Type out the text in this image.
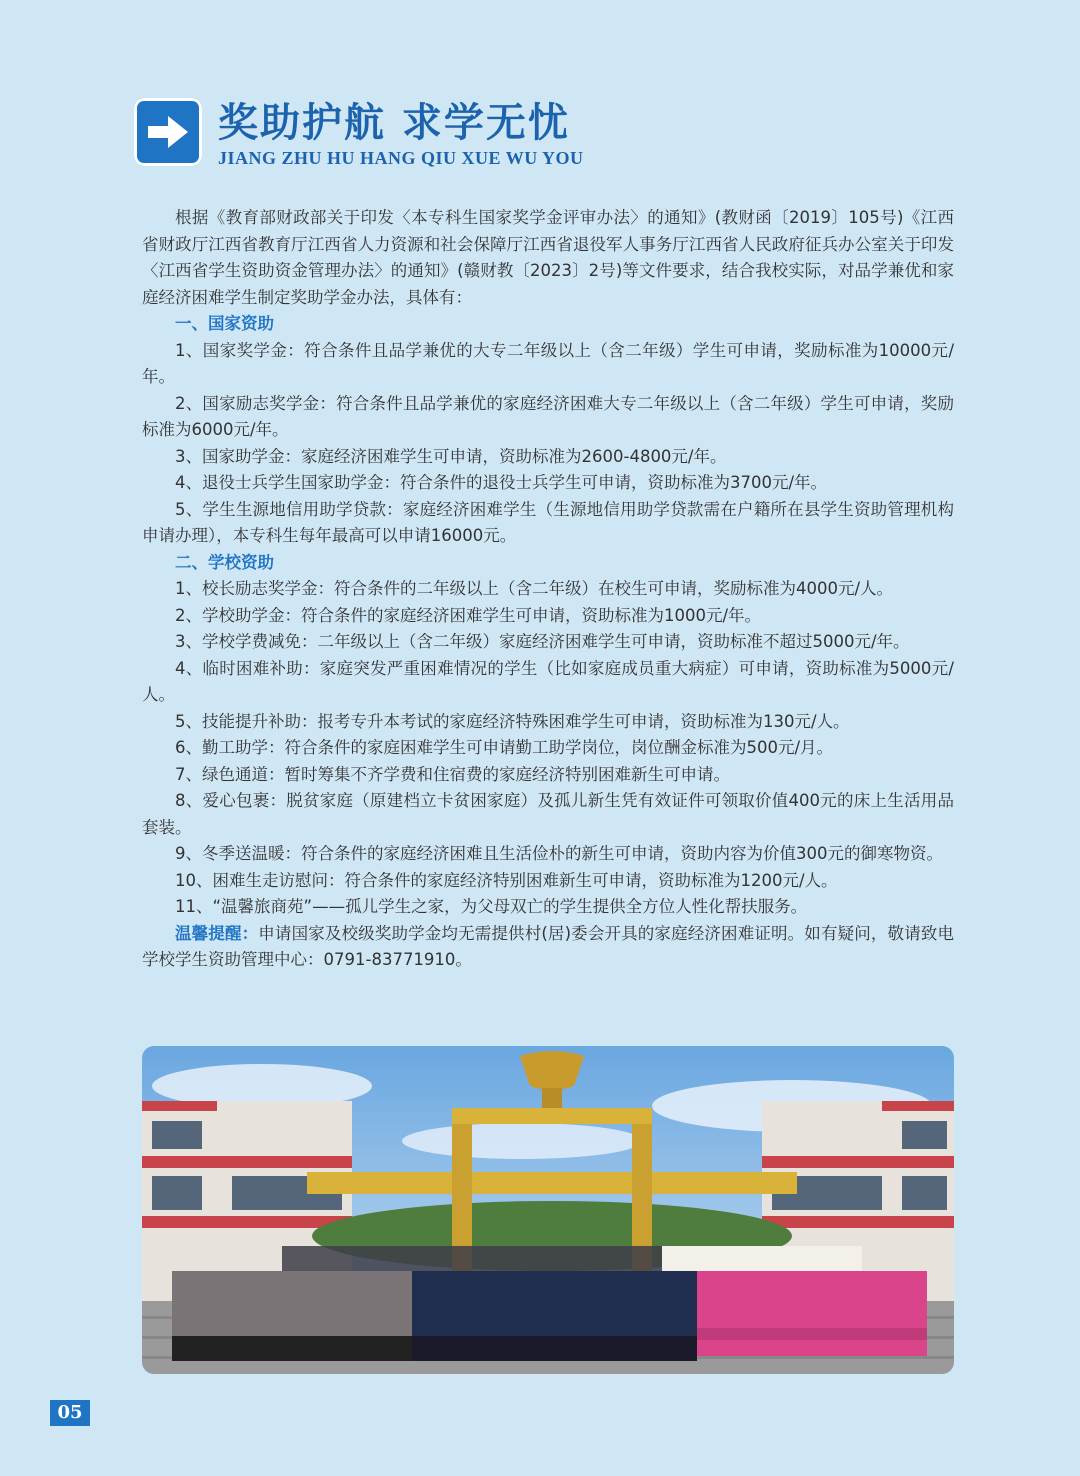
奖助护航 求学无忧
JIANG ZHU HU HANG QIU XUE WU YOU

根据《教育部财政部关于印发〈本专科生国家奖学金评审办法〉的通知》(教财函〔2019〕105号)《江西省财政厅江西省教育厅江西省人力资源和社会保障厅江西省退役军人事务厅江西省人民政府征兵办公室关于印发〈江西省学生资助资金管理办法〉的通知》(赣财教〔2023〕2号)等文件要求，结合我校实际，对品学兼优和家庭经济困难学生制定奖助学金办法，具体有：

一、国家资助

1、国家奖学金：符合条件且品学兼优的大专二年级以上（含二年级）学生可申请，奖励标准为10000元/年。

2、国家励志奖学金：符合条件且品学兼优的家庭经济困难大专二年级以上（含二年级）学生可申请，奖励标准为6000元/年。

3、国家助学金：家庭经济困难学生可申请，资助标准为2600-4800元/年。

4、退役士兵学生国家助学金：符合条件的退役士兵学生可申请，资助标准为3700元/年。

5、学生生源地信用助学贷款：家庭经济困难学生（生源地信用助学贷款需在户籍所在县学生资助管理机构申请办理），本专科生每年最高可以申请16000元。

二、学校资助

1、校长励志奖学金：符合条件的二年级以上（含二年级）在校生可申请，奖励标准为4000元/人。

2、学校助学金：符合条件的家庭经济困难学生可申请，资助标准为1000元/年。

3、学校学费减免：二年级以上（含二年级）家庭经济困难学生可申请，资助标准不超过5000元/年。

4、临时困难补助：家庭突发严重困难情况的学生（比如家庭成员重大病症）可申请，资助标准为5000元/人。

5、技能提升补助：报考专升本考试的家庭经济特殊困难学生可申请，资助标准为130元/人。

6、勤工助学：符合条件的家庭困难学生可申请勤工助学岗位，岗位酬金标准为500元/月。

7、绿色通道：暂时筹集不齐学费和住宿费的家庭经济特别困难新生可申请。

8、爱心包裹：脱贫家庭（原建档立卡贫困家庭）及孤儿新生凭有效证件可领取价值400元的床上生活用品套装。

9、冬季送温暖：符合条件的家庭经济困难且生活俭朴的新生可申请，资助内容为价值300元的御寒物资。

10、困难生走访慰问：符合条件的家庭经济特别困难新生可申请，资助标准为1200元/人。

11、“温馨旅商苑”——孤儿学生之家，为父母双亡的学生提供全方位人性化帮扶服务。

温馨提醒：申请国家及校级奖助学金均无需提供村(居)委会开具的家庭经济困难证明。如有疑问，敬请致电学校学生资助管理中心：0791-83771910。

05
